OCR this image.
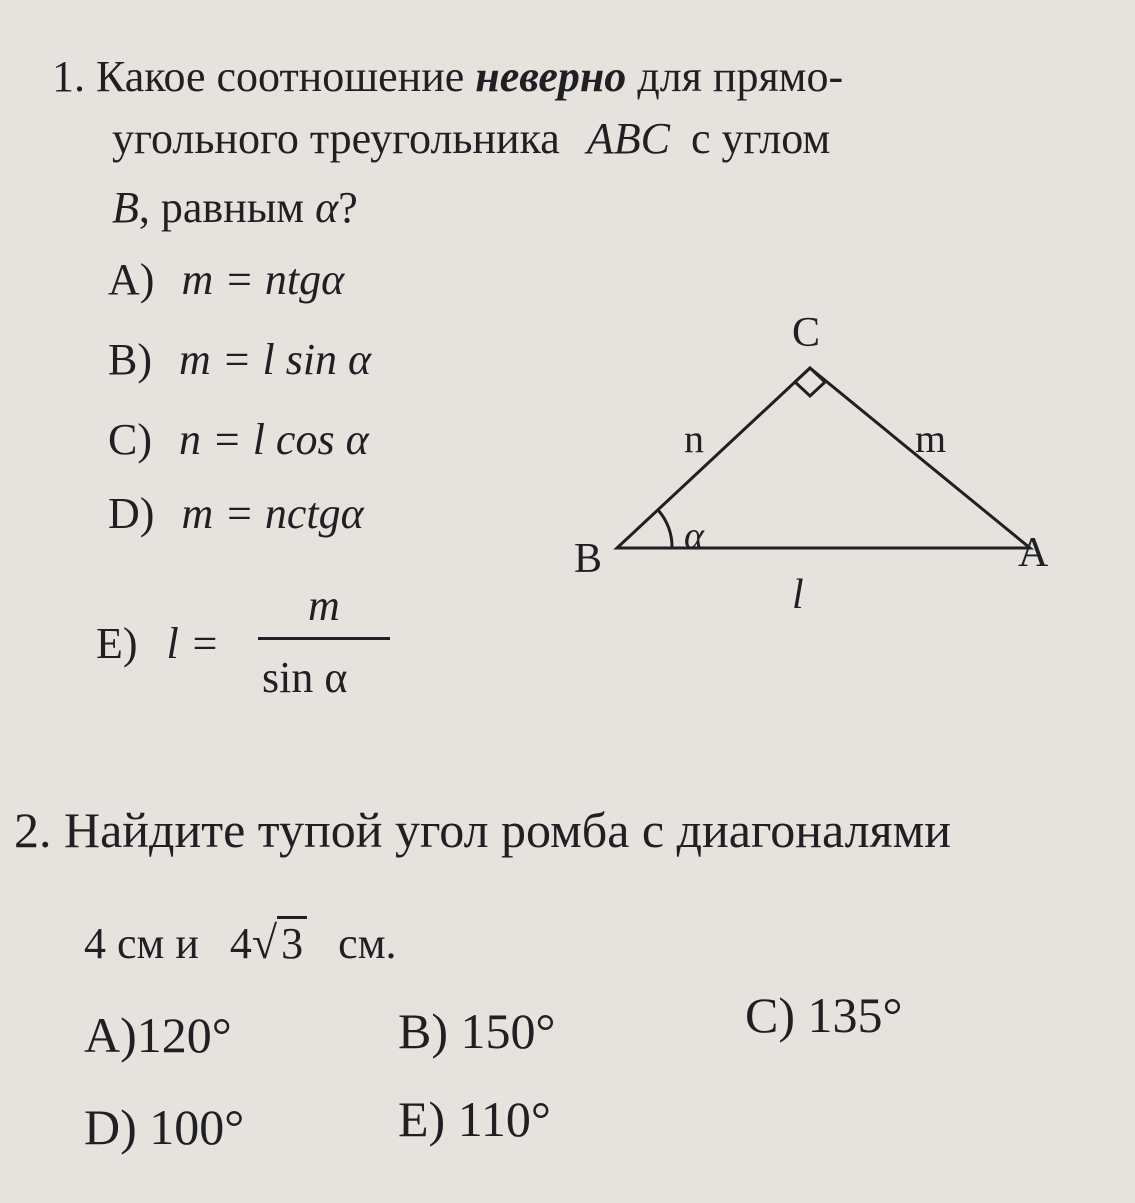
1. Какое соотношение неверно для прямо-
угольного треугольника ABC с углом
B, равным α?
A) m = ntgα
B) m = l sin α
C) n = l cos α
D) m = nctgα
E) l =
m
sin α
C
B	A
n	m
l
α
2. Найдите тупой угол ромба с диагоналями
4 см и 4√3 см.
A)120°	B) 150°	C) 135°
D) 100°	E) 110°
